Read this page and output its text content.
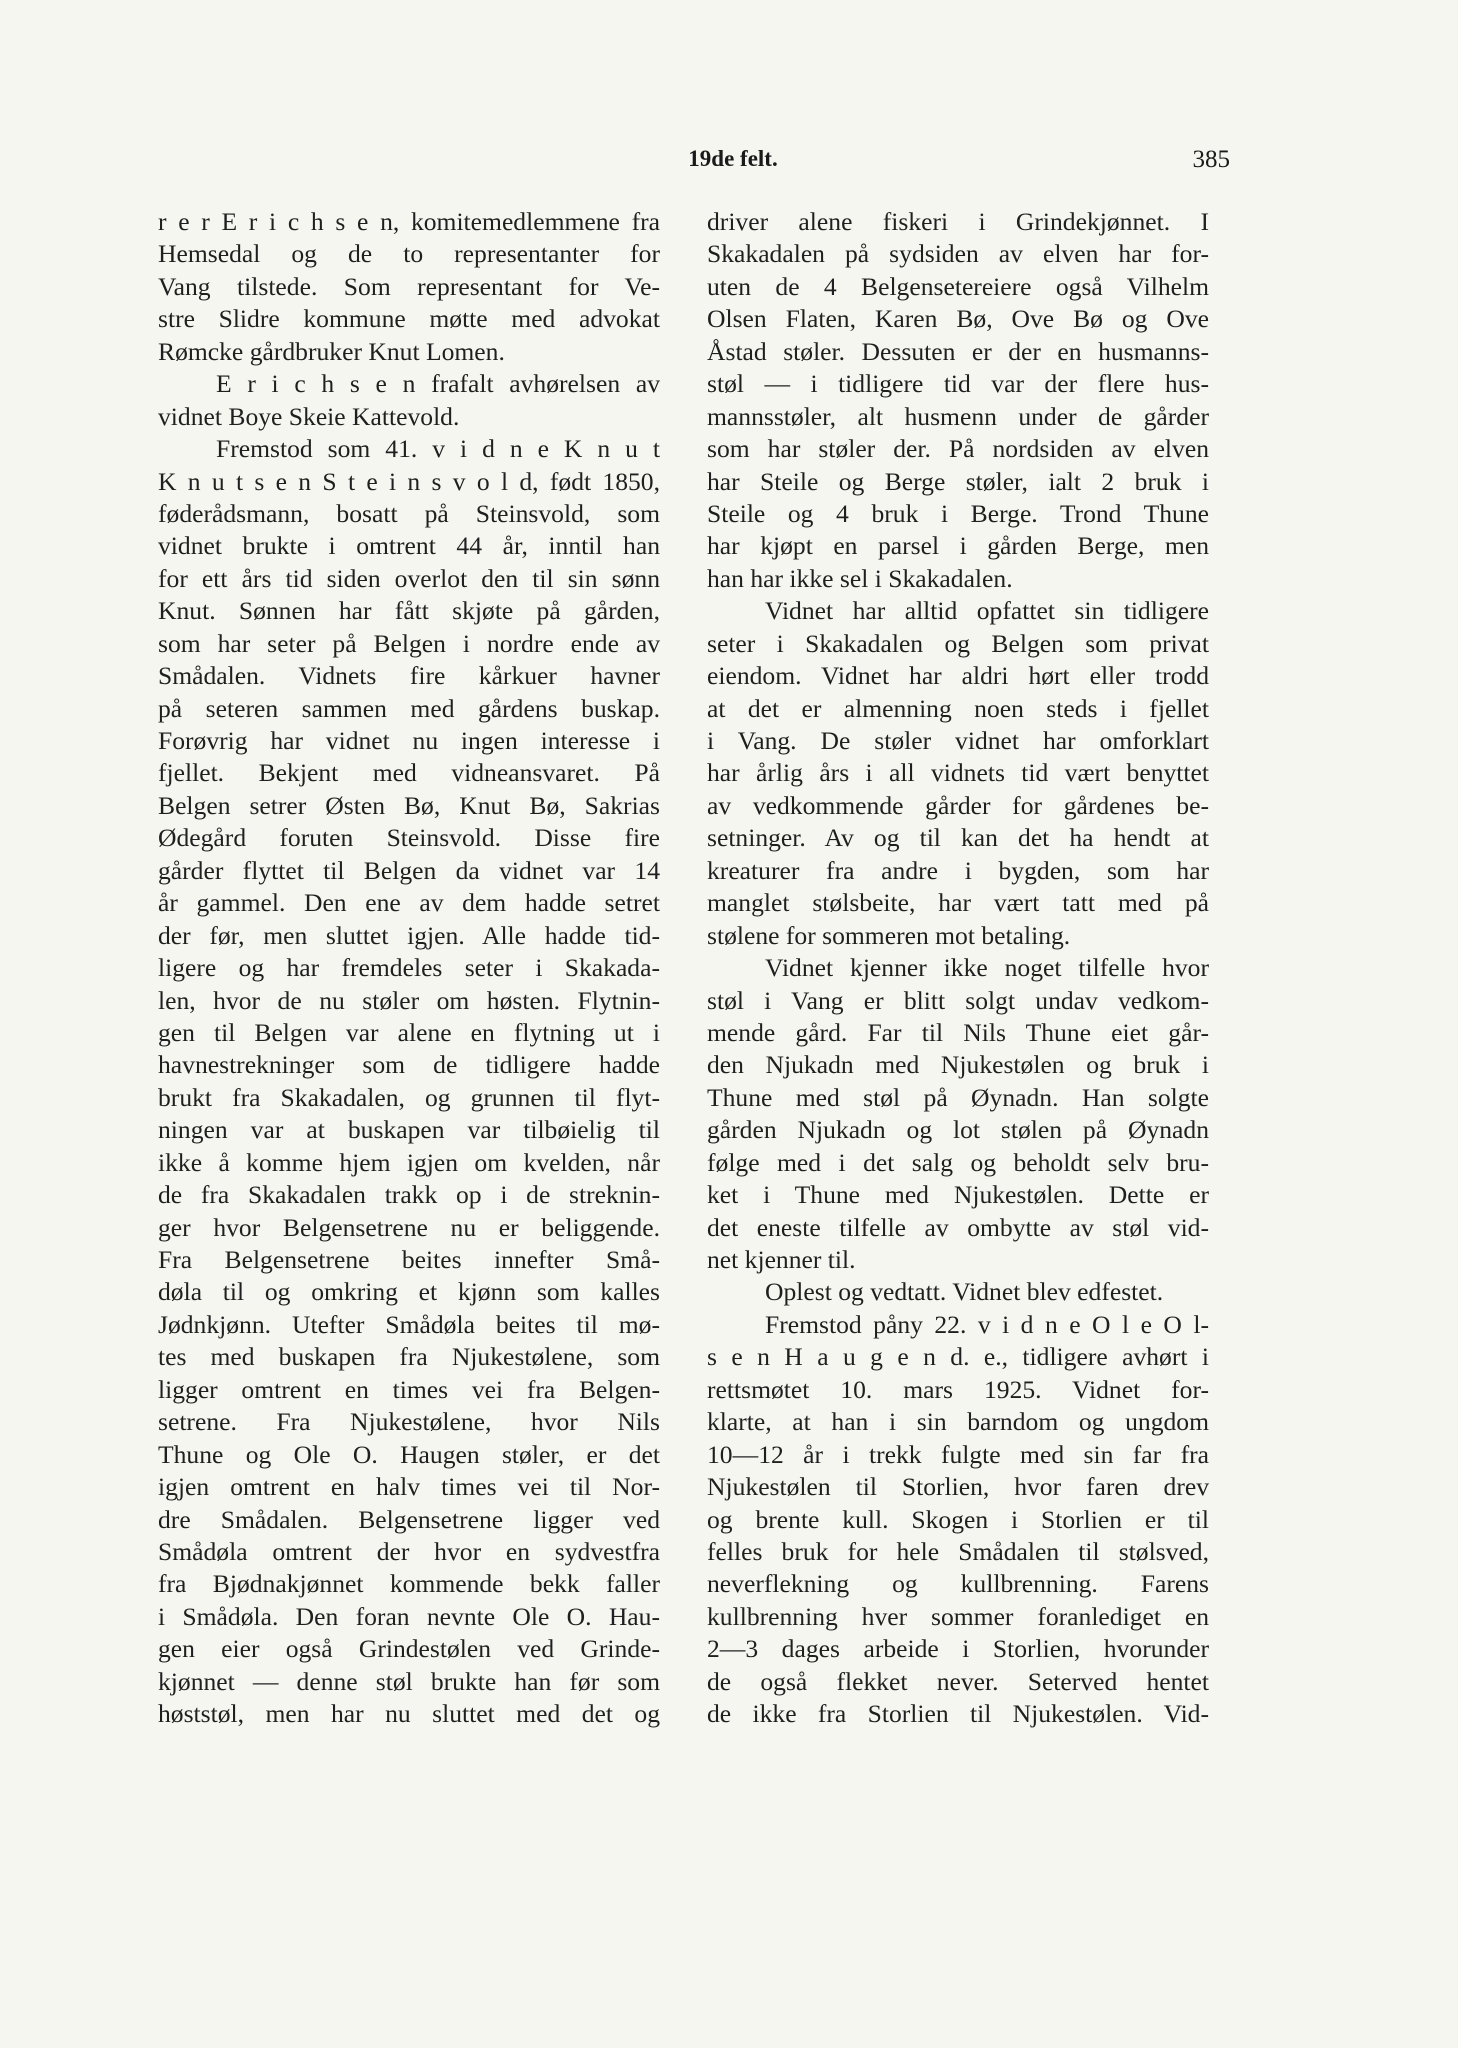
19de felt.	385
r e r E r i c h s e n, komitemedlemmene fra
Hemsedal og de to representanter for
Vang tilstede. Som representant for Ve-
stre Slidre kommune møtte med advokat
Rømcke gårdbruker Knut Lomen.
E r i c h s e n frafalt avhørelsen av
vidnet Boye Skeie Kattevold.
Fremstod som 41. v i d n e K n u t
K n u t s e n S t e i n s v o l d, født 1850,
føderådsmann, bosatt på Steinsvold, som
vidnet brukte i omtrent 44 år, inntil han
for ett års tid siden overlot den til sin sønn
Knut. Sønnen har fått skjøte på gården,
som har seter på Belgen i nordre ende av
Smådalen. Vidnets fire kårkuer havner
på seteren sammen med gårdens buskap.
Forøvrig har vidnet nu ingen interesse i
fjellet. Bekjent med vidneansvaret. På
Belgen setrer Østen Bø, Knut Bø, Sakrias
Ødegård foruten Steinsvold. Disse fire
gårder flyttet til Belgen da vidnet var 14
år gammel. Den ene av dem hadde setret
der før, men sluttet igjen. Alle hadde tid-
ligere og har fremdeles seter i Skakada-
len, hvor de nu støler om høsten. Flytnin-
gen til Belgen var alene en flytning ut i
havnestrekninger som de tidligere hadde
brukt fra Skakadalen, og grunnen til flyt-
ningen var at buskapen var tilbøielig til
ikke å komme hjem igjen om kvelden, når
de fra Skakadalen trakk op i de streknin-
ger hvor Belgensetrene nu er beliggende.
Fra Belgensetrene beites innefter Små-
døla til og omkring et kjønn som kalles
Jødnkjønn. Utefter Smådøla beites til mø-
tes med buskapen fra Njukestølene, som
ligger omtrent en times vei fra Belgen-
setrene. Fra Njukestølene, hvor Nils
Thune og Ole O. Haugen støler, er det
igjen omtrent en halv times vei til Nor-
dre Smådalen. Belgensetrene ligger ved
Smådøla omtrent der hvor en sydvestfra
fra Bjødnakjønnet kommende bekk faller
i Smådøla. Den foran nevnte Ole O. Hau-
gen eier også Grindestølen ved Grinde-
kjønnet — denne støl brukte han før som
høststøl, men har nu sluttet med det og
driver alene fiskeri i Grindekjønnet. I
Skakadalen på sydsiden av elven har for-
uten de 4 Belgensetereiere også Vilhelm
Olsen Flaten, Karen Bø, Ove Bø og Ove
Åstad støler. Dessuten er der en husmanns-
støl — i tidligere tid var der flere hus-
mannsstøler, alt husmenn under de gårder
som har støler der. På nordsiden av elven
har Steile og Berge støler, ialt 2 bruk i
Steile og 4 bruk i Berge. Trond Thune
har kjøpt en parsel i gården Berge, men
han har ikke sel i Skakadalen.
Vidnet har alltid opfattet sin tidligere
seter i Skakadalen og Belgen som privat
eiendom. Vidnet har aldri hørt eller trodd
at det er almenning noen steds i fjellet
i Vang. De støler vidnet har omforklart
har årlig års i all vidnets tid vært benyttet
av vedkommende gårder for gårdenes be-
setninger. Av og til kan det ha hendt at
kreaturer fra andre i bygden, som har
manglet stølsbeite, har vært tatt med på
stølene for sommeren mot betaling.
Vidnet kjenner ikke noget tilfelle hvor
støl i Vang er blitt solgt undav vedkom-
mende gård. Far til Nils Thune eiet går-
den Njukadn med Njukestølen og bruk i
Thune med støl på Øynadn. Han solgte
gården Njukadn og lot stølen på Øynadn
følge med i det salg og beholdt selv bru-
ket i Thune med Njukestølen. Dette er
det eneste tilfelle av ombytte av støl vid-
net kjenner til.
Oplest og vedtatt. Vidnet blev edfestet.
Fremstod påny 22. v i d n e O l e O l-
s e n H a u g e n d. e., tidligere avhørt i
rettsmøtet 10. mars 1925. Vidnet for-
klarte, at han i sin barndom og ungdom
10—12 år i trekk fulgte med sin far fra
Njukestølen til Storlien, hvor faren drev
og brente kull. Skogen i Storlien er til
felles bruk for hele Smådalen til stølsved,
neverflekning og kullbrenning. Farens
kullbrenning hver sommer foranlediget en
2—3 dages arbeide i Storlien, hvorunder
de også flekket never. Seterved hentet
de ikke fra Storlien til Njukestølen. Vid-
